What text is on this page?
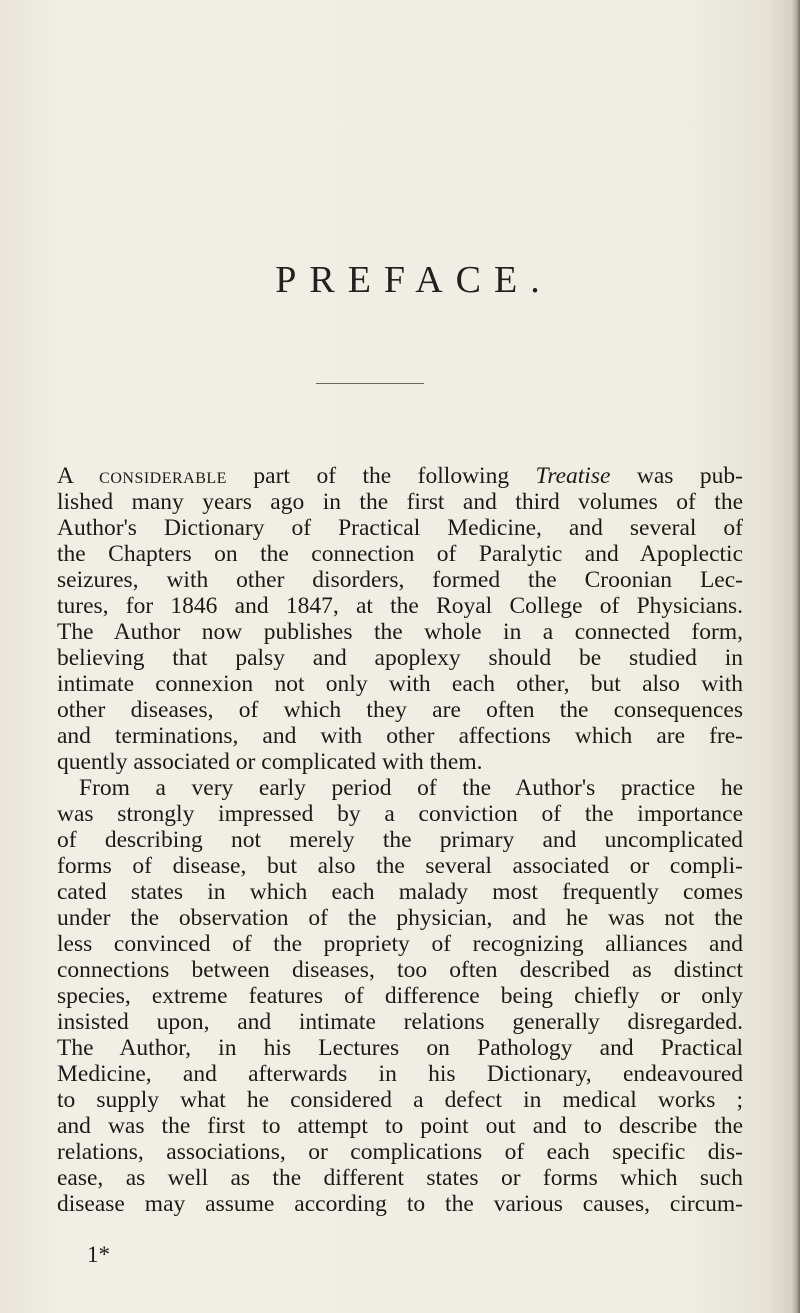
PREFACE.
A considerable part of the following Treatise was pub-
lished many years ago in the first and third volumes of the
Author's Dictionary of Practical Medicine, and several of
the Chapters on the connection of Paralytic and Apoplectic
seizures, with other disorders, formed the Croonian Lec-
tures, for 1846 and 1847, at the Royal College of Physicians.
The Author now publishes the whole in a connected form,
believing that palsy and apoplexy should be studied in
intimate connexion not only with each other, but also with
other diseases, of which they are often the consequences
and terminations, and with other affections which are fre-
quently associated or complicated with them.
From a very early period of the Author's practice he
was strongly impressed by a conviction of the importance
of describing not merely the primary and uncomplicated
forms of disease, but also the several associated or compli-
cated states in which each malady most frequently comes
under the observation of the physician, and he was not the
less convinced of the propriety of recognizing alliances and
connections between diseases, too often described as distinct
species, extreme features of difference being chiefly or only
insisted upon, and intimate relations generally disregarded.
The Author, in his Lectures on Pathology and Practical
Medicine, and afterwards in his Dictionary, endeavoured
to supply what he considered a defect in medical works ;
and was the first to attempt to point out and to describe the
relations, associations, or complications of each specific dis-
ease, as well as the different states or forms which such
disease may assume according to the various causes, circum-
1*
